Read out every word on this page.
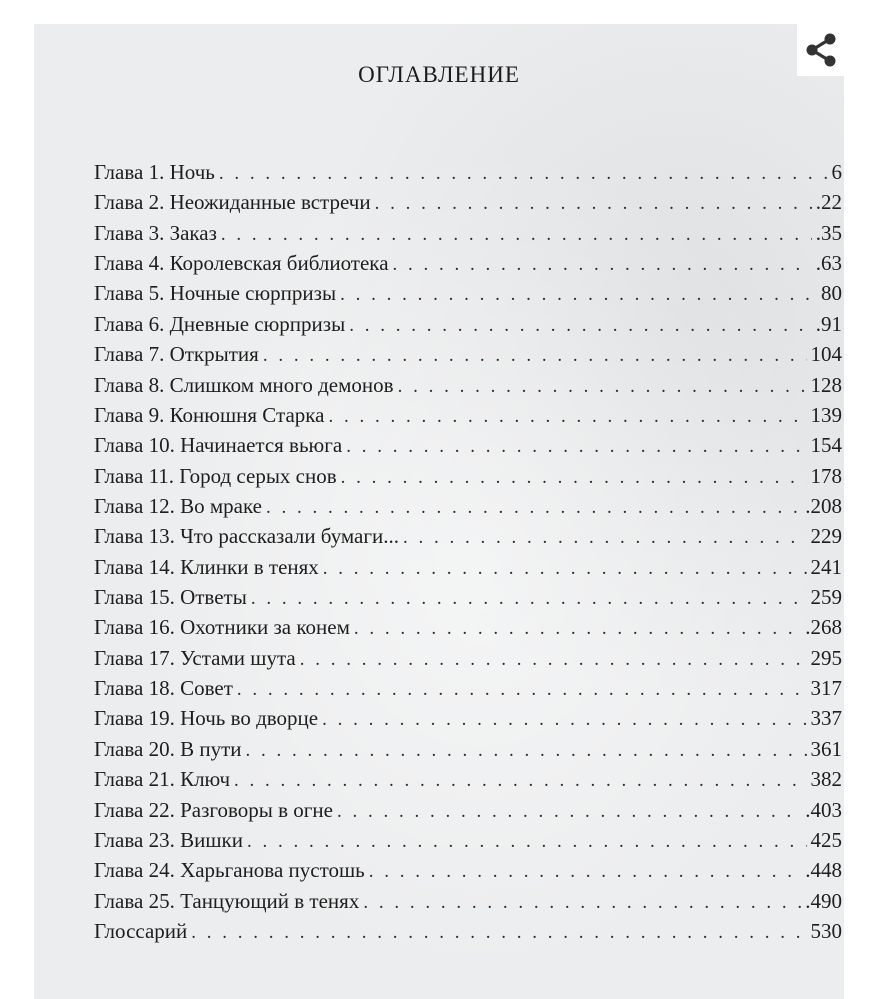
ОГЛАВЛЕНИЕ
Глава 1. Ночь . . .	6
Глава 2. Неожиданные встречи . . .	.22
Глава 3. Заказ . . .	.35
Глава 4. Королевская библиотека . . .	.63
Глава 5. Ночные сюрпризы . . .	80
Глава 6. Дневные сюрпризы . . .	.91
Глава 7. Открытия . . .	104
Глава 8. Слишком много демонов . . .	128
Глава 9. Конюшня Старка . . .	139
Глава 10. Начинается вьюга . . .	154
Глава 11. Город серых снов . . .	178
Глава 12. Во мраке . . .	.208
Глава 13. Что рассказали бумаги... . . .	229
Глава 14. Клинки в тенях . . .	241
Глава 15. Ответы . . .	259
Глава 16. Охотники за конем . . .	.268
Глава 17. Устами шута . . .	295
Глава 18. Совет . . .	317
Глава 19. Ночь во дворце . . .	337
Глава 20. В пути . . .	361
Глава 21. Ключ . . .	382
Глава 22. Разговоры в огне . . .	.403
Глава 23. Вишки . . .	425
Глава 24. Харьганова пустошь . . .	.448
Глава 25. Танцующий в тенях . . .	.490
Глоссарий . . .	530
